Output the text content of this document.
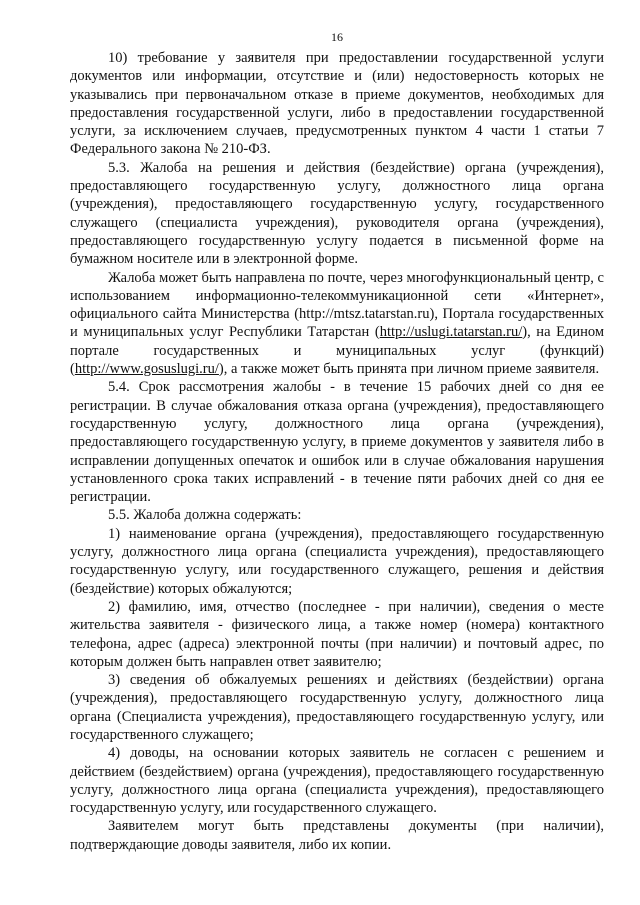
16

10) требование у заявителя при предоставлении государственной услуги документов или информации, отсутствие и (или) недостоверность которых не указывались при первоначальном отказе в приеме документов, необходимых для предоставления государственной услуги, либо в предоставлении государственной услуги, за исключением случаев, предусмотренных пунктом 4 части 1 статьи 7 Федерального закона № 210-ФЗ.

5.3. Жалоба на решения и действия (бездействие) органа (учреждения), предоставляющего государственную услугу, должностного лица органа (учреждения), предоставляющего государственную услугу, государственного служащего (специалиста учреждения), руководителя органа (учреждения), предоставляющего государственную услугу подается в письменной форме на бумажном носителе или в электронной форме.

Жалоба может быть направлена по почте, через многофункциональный центр, с использованием информационно-телекоммуникационной сети «Интернет», официального сайта Министерства (http://mtsz.tatarstan.ru), Портала государственных и муниципальных услуг Республики Татарстан (http://uslugi.tatarstan.ru/), на Едином портале государственных и муниципальных услуг (функций) (http://www.gosuslugi.ru/), а также может быть принята при личном приеме заявителя.

5.4. Срок рассмотрения жалобы - в течение 15 рабочих дней со дня ее регистрации. В случае обжалования отказа органа (учреждения), предоставляющего государственную услугу, должностного лица органа (учреждения), предоставляющего государственную услугу, в приеме документов у заявителя либо в исправлении допущенных опечаток и ошибок или в случае обжалования нарушения установленного срока таких исправлений - в течение пяти рабочих дней со дня ее регистрации.

5.5. Жалоба должна содержать:

1) наименование органа (учреждения), предоставляющего государственную услугу, должностного лица органа (специалиста учреждения), предоставляющего государственную услугу, или государственного служащего, решения и действия (бездействие) которых обжалуются;

2) фамилию, имя, отчество (последнее - при наличии), сведения о месте жительства заявителя - физического лица, а также номер (номера) контактного телефона, адрес (адреса) электронной почты (при наличии) и почтовый адрес, по которым должен быть направлен ответ заявителю;

3) сведения об обжалуемых решениях и действиях (бездействии) органа (учреждения), предоставляющего государственную услугу, должностного лица органа (Специалиста учреждения), предоставляющего государственную услугу, или государственного служащего;

4) доводы, на основании которых заявитель не согласен с решением и действием (бездействием) органа (учреждения), предоставляющего государственную услугу, должностного лица органа (специалиста учреждения), предоставляющего государственную услугу, или государственного служащего.

Заявителем могут быть представлены документы (при наличии), подтверждающие доводы заявителя, либо их копии.
